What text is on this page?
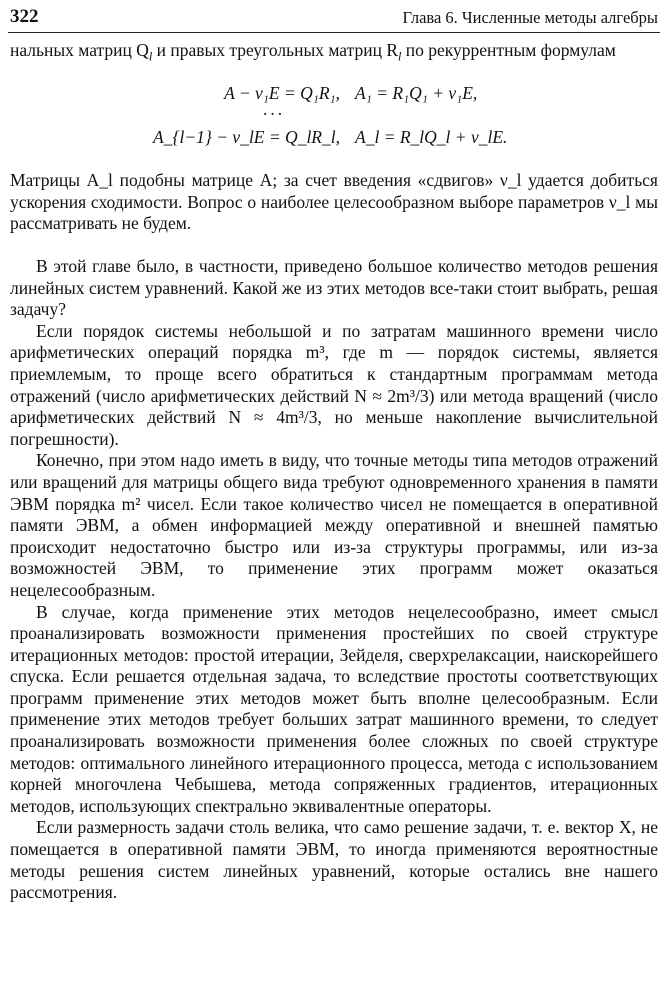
322	Глава 6. Численные методы алгебры

нальных матриц $Q_l$ и правых треугольных матриц $R_l$ по рекуррентным формулам

A − ν₁E = Q₁R₁, A₁ = R₁Q₁ + ν₁E,
...
A_{l−1} − ν_lE = Q_lR_l, A_l = R_lQ_l + ν_lE.

Матрицы A_l подобны матрице A; за счет введения «сдвигов» ν_l удается добиться ускорения сходимости. Вопрос о наиболее целесообразном выборе параметров ν_l мы рассматривать не будем.

В этой главе было, в частности, приведено большое количество методов решения линейных систем уравнений. Какой же из этих методов все-таки стоит выбрать, решая задачу?

Если порядок системы небольшой и по затратам машинного времени число арифметических операций порядка m³, где m — порядок системы, является приемлемым, то проще всего обратиться к стандартным программам метода отражений (число арифметических действий N ≈ 2m³/3) или метода вращений (число арифметических действий N ≈ 4m³/3, но меньше накопление вычислительной погрешности).

Конечно, при этом надо иметь в виду, что точные методы типа методов отражений или вращений для матрицы общего вида требуют одновременного хранения в памяти ЭВМ порядка m² чисел. Если такое количество чисел не помещается в оперативной памяти ЭВМ, а обмен информацией между оперативной и внешней памятью происходит недостаточно быстро или из-за структуры программы, или из-за возможностей ЭВМ, то применение этих программ может оказаться нецелесообразным.

В случае, когда применение этих методов нецелесообразно, имеет смысл проанализировать возможности применения простейших по своей структуре итерационных методов: простой итерации, Зейделя, сверхрелаксации, наискорейшего спуска. Если решается отдельная задача, то вследствие простоты соответствующих программ применение этих методов может быть вполне целесообразным. Если применение этих методов требует больших затрат машинного времени, то следует проанализировать возможности применения более сложных по своей структуре методов: оптимального линейного итерационного процесса, метода с использованием корней многочлена Чебышева, метода сопряженных градиентов, итерационных методов, использующих спектрально эквивалентные операторы.

Если размерность задачи столь велика, что само решение задачи, т. е. вектор X, не помещается в оперативной памяти ЭВМ, то иногда применяются вероятностные методы решения систем линейных уравнений, которые остались вне нашего рассмотрения.
